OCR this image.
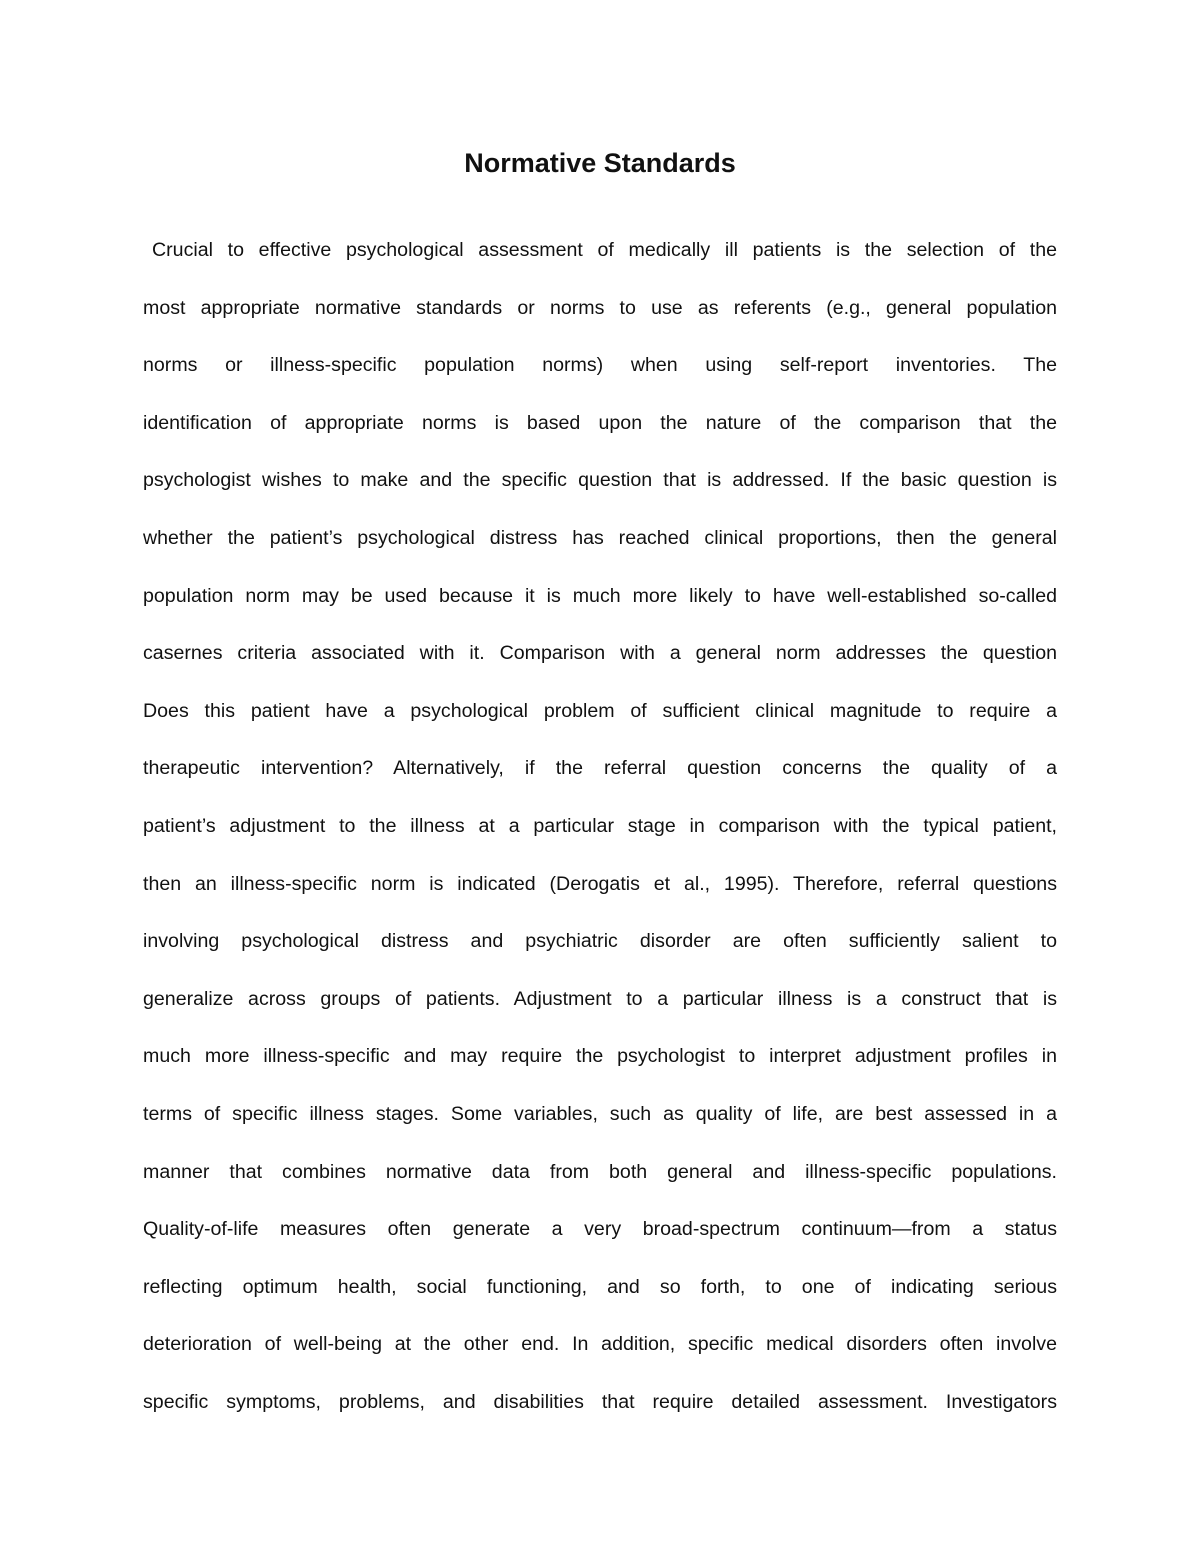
Normative Standards
Crucial to effective psychological assessment of medically ill patients is the selection of the
most appropriate normative standards or norms to use as referents (e.g., general population
norms or illness-specific population norms) when using self-report inventories. The
identification of appropriate norms is based upon the nature of the comparison that the
psychologist wishes to make and the specific question that is addressed. If the basic question is
whether the patient’s psychological distress has reached clinical proportions, then the general
population norm may be used because it is much more likely to have well-established so-called
casernes criteria associated with it. Comparison with a general norm addresses the question
Does this patient have a psychological problem of sufficient clinical magnitude to require a
therapeutic intervention? Alternatively, if the referral question concerns the quality of a
patient’s adjustment to the illness at a particular stage in comparison with the typical patient,
then an illness-specific norm is indicated (Derogatis et al., 1995). Therefore, referral questions
involving psychological distress and psychiatric disorder are often sufficiently salient to
generalize across groups of patients. Adjustment to a particular illness is a construct that is
much more illness-specific and may require the psychologist to interpret adjustment profiles in
terms of specific illness stages. Some variables, such as quality of life, are best assessed in a
manner that combines normative data from both general and illness-specific populations.
Quality-of-life measures often generate a very broad-spectrum continuum—from a status
reflecting optimum health, social functioning, and so forth, to one of indicating serious
deterioration of well-being at the other end. In addition, specific medical disorders often involve
specific symptoms, problems, and disabilities that require detailed assessment. Investigators
